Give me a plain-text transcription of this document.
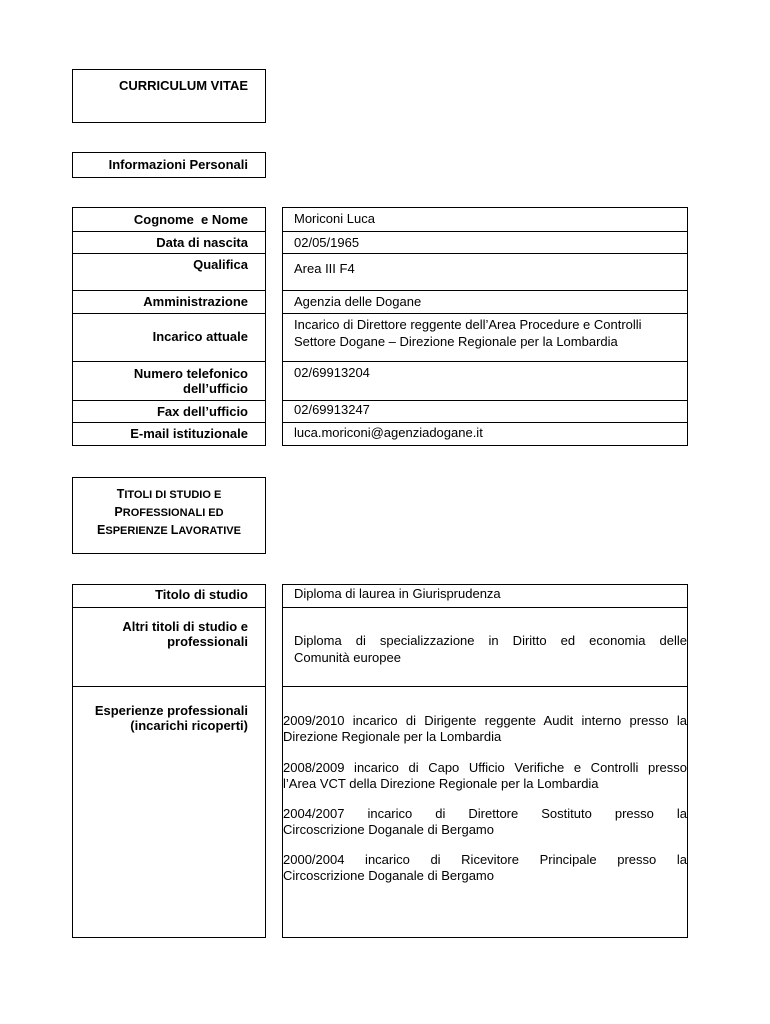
CURRICULUM VITAE
Informazioni Personali
Cognome  e Nome
Data di nascita
Qualifica
Amministrazione
Incarico attuale
Numero telefonico
dell’ufficio
Fax dell’ufficio
E-mail istituzionale
Moriconi Luca
02/05/1965
Area III F4
Agenzia delle Dogane
Incarico di Direttore reggente dell’Area Procedure e Controlli
Settore Dogane – Direzione Regionale per la Lombardia
02/69913204
02/69913247
luca.moriconi@agenziadogane.it
TITOLI DI STUDIO E
PROFESSIONALI ED
ESPERIENZE LAVORATIVE
Titolo di studio
Altri titoli di studio e
professionali
Esperienze professionali
(incarichi ricoperti)
Diploma di laurea in Giurisprudenza
Diploma di specializzazione in Diritto ed economia delle
Comunità europee
2009/2010 incarico di Dirigente reggente Audit interno presso la
Direzione Regionale per la Lombardia
2008/2009 incarico di Capo Ufficio Verifiche e Controlli presso
l’Area VCT della Direzione Regionale per la Lombardia
2004/2007 incarico di Direttore Sostituto presso la
Circoscrizione Doganale di Bergamo
2000/2004 incarico di Ricevitore Principale presso la
Circoscrizione Doganale di Bergamo
